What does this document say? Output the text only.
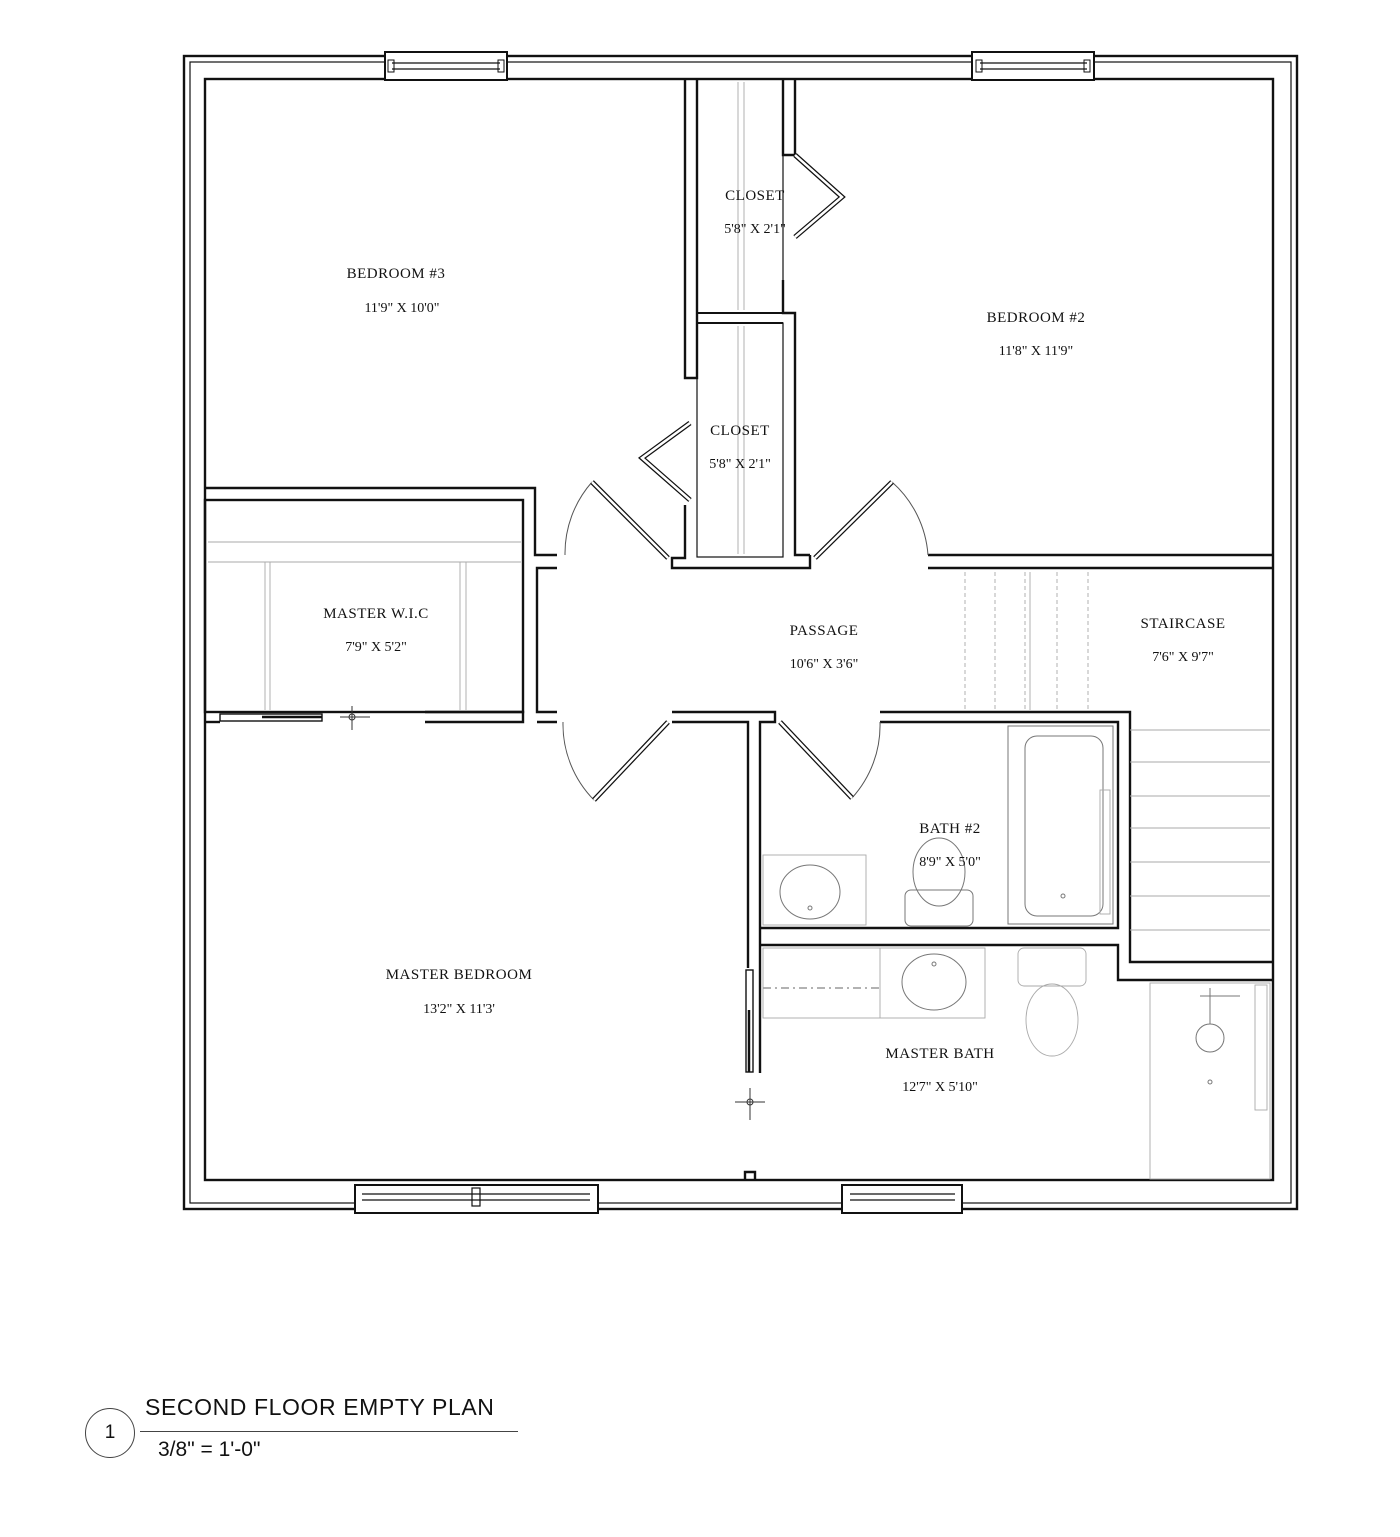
BEDROOM #3
11'9" X 10'0"
CLOSET
5'8" X 2'1"
CLOSET
5'8" X 2'1"
BEDROOM #2
11'8" X 11'9"
MASTER W.I.C
7'9" X 5'2"
PASSAGE
10'6" X 3'6"
STAIRCASE
7'6" X 9'7"
BATH #2
8'9" X 5'0"
MASTER BEDROOM
13'2" X 11'3'
MASTER BATH
12'7" X 5'10"
1
SECOND FLOOR EMPTY PLAN
3/8" = 1'-0"
